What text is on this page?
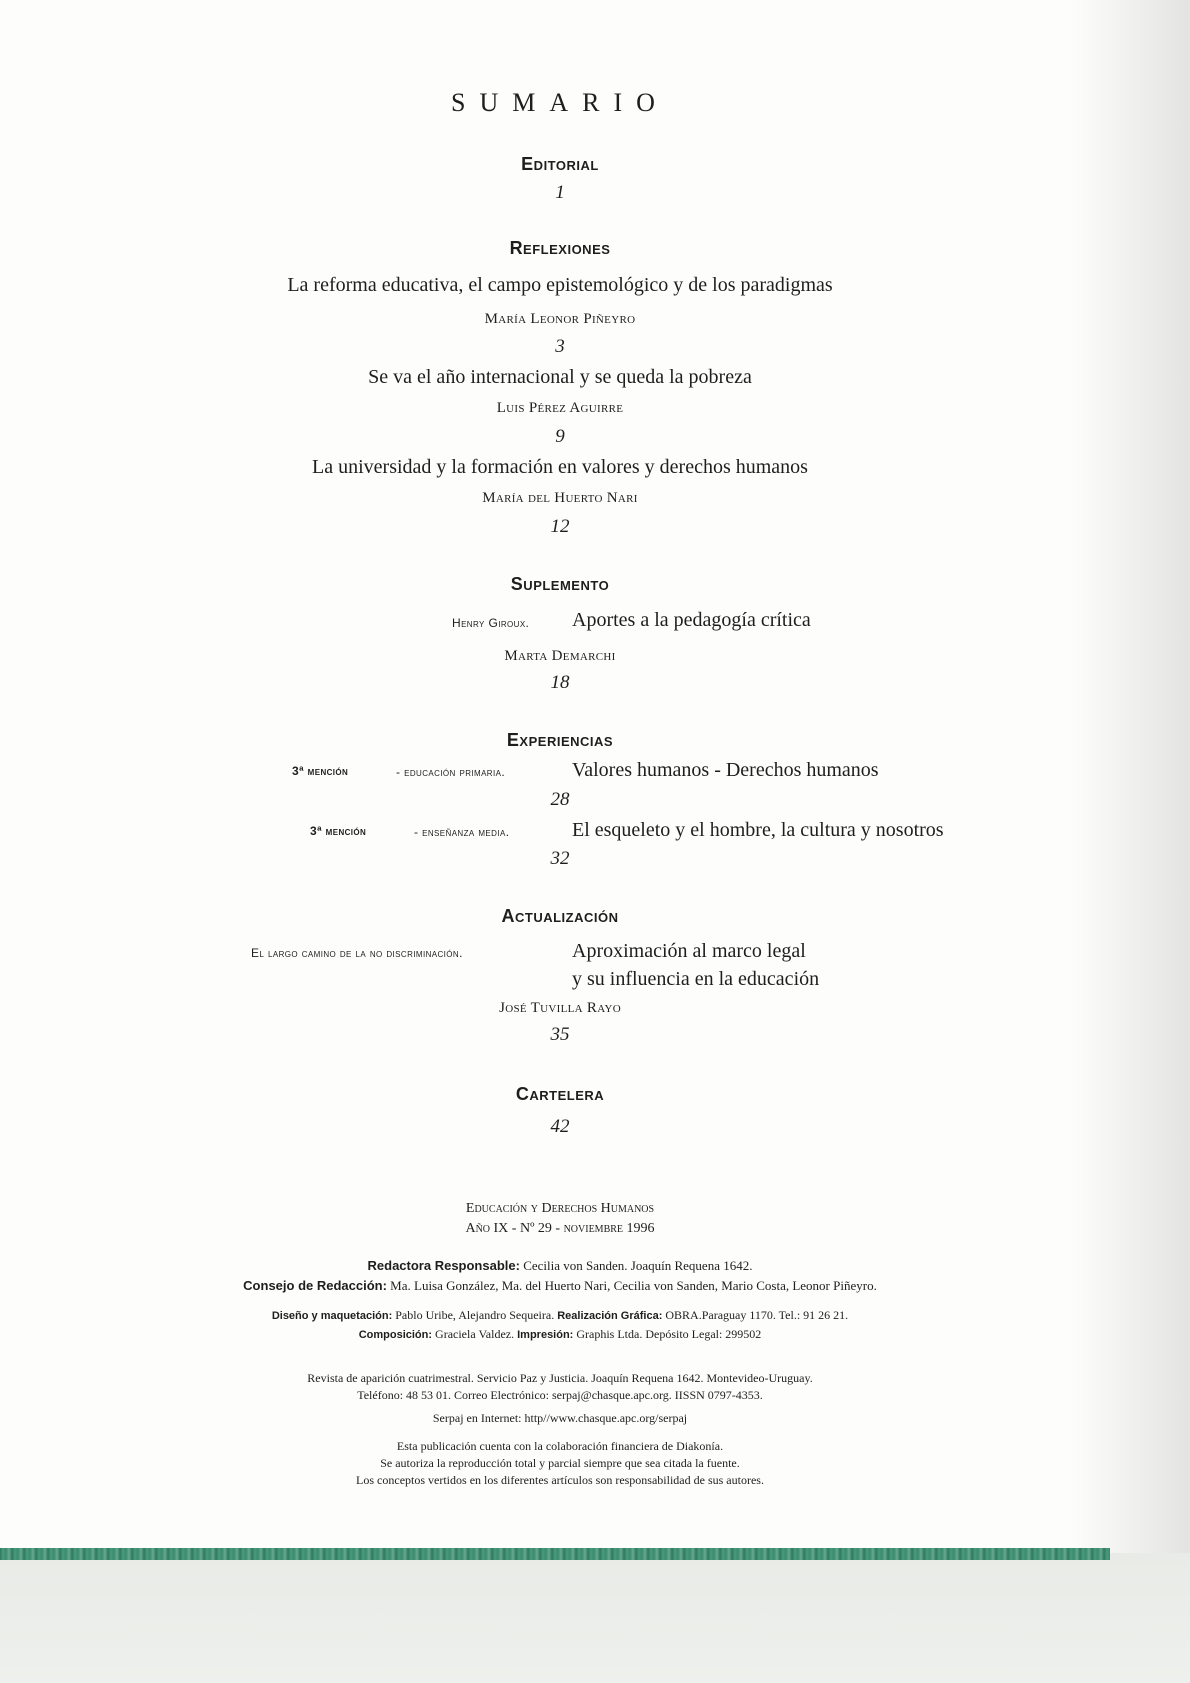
SUMARIO
Editorial
1
Reflexiones
La reforma educativa, el campo epistemológico y de los paradigmas
María Leonor Piñeyro
3
Se va el año internacional y se queda la pobreza
Luis Pérez Aguirre
9
La universidad y la formación en valores y derechos humanos
María del Huerto Nari
12
Suplemento
Henry Giroux. Aportes a la pedagogía crítica
Marta Demarchi
18
Experiencias
3ª mención	- educación primaria.	Valores humanos - Derechos humanos
28
3ª mención	- enseñanza media.	El esqueleto y el hombre, la cultura y nosotros
32
Actualización
El largo camino de la no discriminación.	Aproximación al marco legal
y su influencia en la educación
José Tuvilla Rayo
35
Cartelera
42
Educación y Derechos Humanos
Año IX - Nº 29 - noviembre 1996
Redactora Responsable: Cecilia von Sanden. Joaquín Requena 1642.
Consejo de Redacción: Ma. Luisa González, Ma. del Huerto Nari, Cecilia von Sanden, Mario Costa, Leonor Piñeyro.
Diseño y maquetación: Pablo Uribe, Alejandro Sequeira. Realización Gráfica: OBRA.Paraguay 1170. Tel.: 91 26 21.
Composición: Graciela Valdez. Impresión: Graphis Ltda. Depósito Legal: 299502
Revista de aparición cuatrimestral. Servicio Paz y Justicia. Joaquín Requena 1642. Montevideo-Uruguay.
Teléfono: 48 53 01. Correo Electrónico: serpaj@chasque.apc.org. IISSN 0797-4353.
Serpaj en Internet: http//www.chasque.apc.org/serpaj
Esta publicación cuenta con la colaboración financiera de Diakonía.
Se autoriza la reproducción total y parcial siempre que sea citada la fuente.
Los conceptos vertidos en los diferentes artículos son responsabilidad de sus autores.
